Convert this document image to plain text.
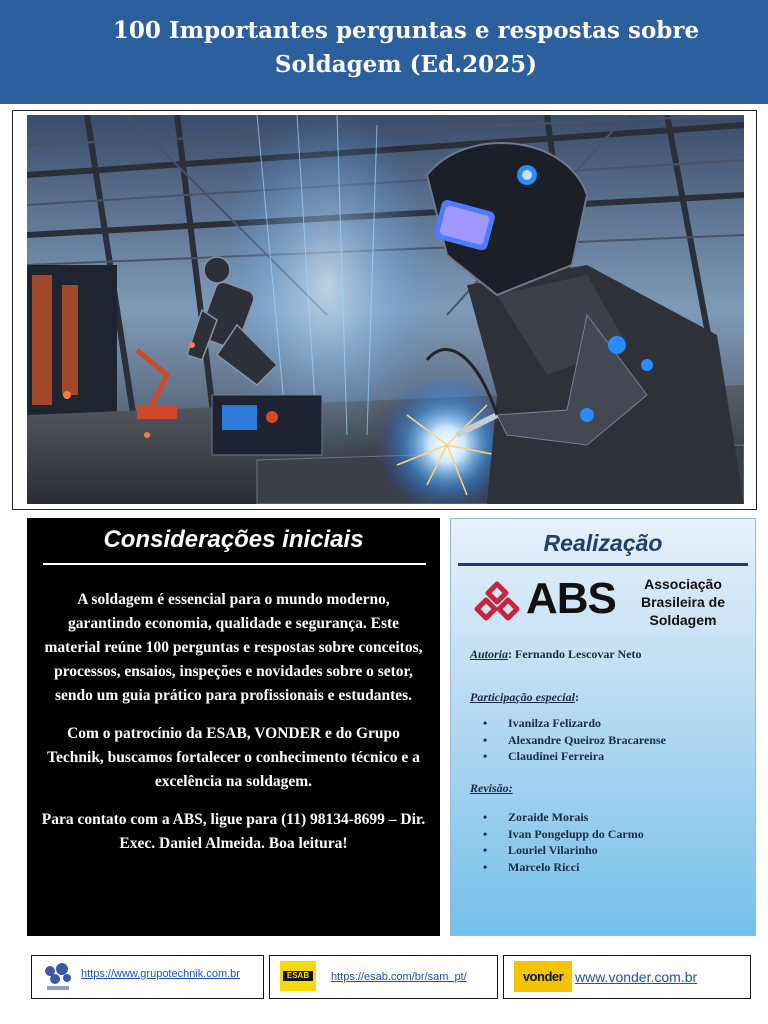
100 Importantes perguntas e respostas sobre Soldagem (Ed.2025)
Considerações iniciais

A soldagem é essencial para o mundo moderno, garantindo economia, qualidade e segurança. Este material reúne 100 perguntas e respostas sobre conceitos, processos, ensaios, inspeções e novidades sobre o setor, sendo um guia prático para profissionais e estudantes.

Com o patrocínio da ESAB, VONDER e do Grupo Technik, buscamos fortalecer o conhecimento técnico e a excelência na soldagem.

Para contato com a ABS, ligue para (11) 98134-8699 – Dir. Exec. Daniel Almeida. Boa leitura!

Realização
ABS	Associação Brasileira de Soldagem
Autoria: Fernando Lescovar Neto
Participação especial:
• Ivanilza Felizardo
• Alexandre Queiroz Bracarense
• Claudinei Ferreira
Revisão:
• Zoraide Morais
• Ivan Pongelupp do Carmo
• Louriel Vilarinho
• Marcelo Ricci
https://www.grupotechnik.com.br	ESAB	https://esab.com/br/sam_pt/	vonder www.vonder.com.br
